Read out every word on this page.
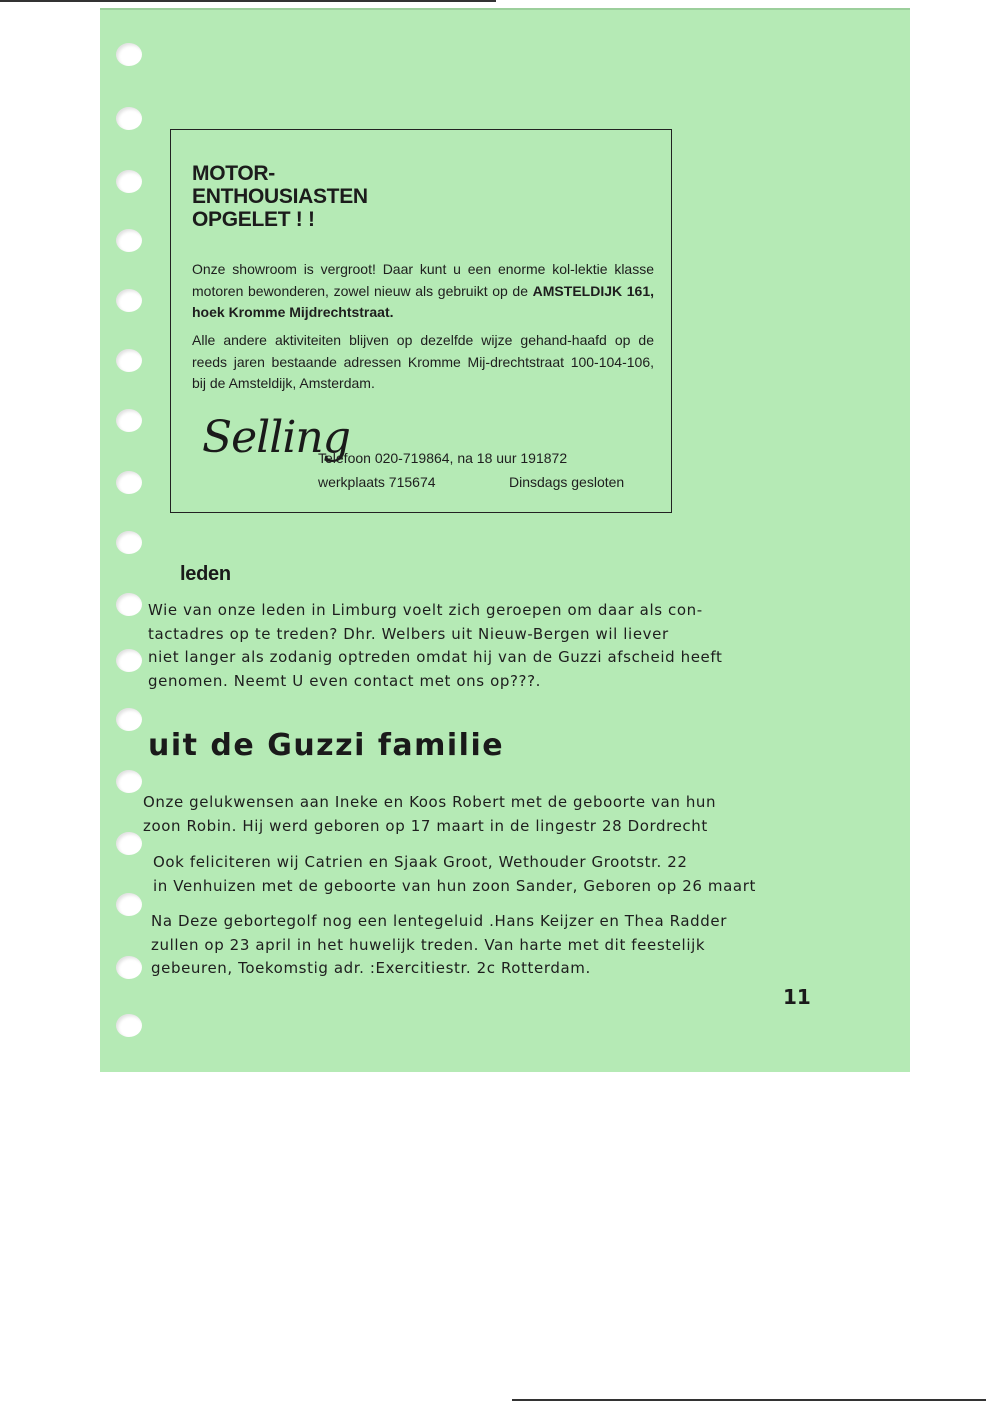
MOTOR-
ENTHOUSIASTEN
OPGELET ! !

Onze showroom is vergroot! Daar kunt u een enorme kol-lektie klasse motoren bewonderen, zowel nieuw als gebruikt op de AMSTELDIJK 161, hoek Kromme Mijdrechtstraat.

Alle andere aktiviteiten blijven op dezelfde wijze gehand-haafd op de reeds jaren bestaande adressen Kromme Mij-drechtstraat 100-104-106, bij de Amsteldijk, Amsterdam.

Selling
Telefoon 020-719864, na 18 uur 191872
werkplaats 715674	Dinsdags gesloten
leden

Wie van onze leden in Limburg voelt zich geroepen om daar als con-
tactadres op te treden? Dhr. Welbers uit Nieuw-Bergen wil liever
niet langer als zodanig optreden omdat hij van de Guzzi afscheid heeft
genomen. Neemt U even contact met ons op???.

uit de Guzzi familie

Onze gelukwensen aan Ineke en Koos Robert met de geboorte van hun
zoon Robin. Hij werd geboren op 17 maart in de lingestr 28 Dordrecht

Ook feliciteren wij Catrien en Sjaak Groot, Wethouder Grootstr. 22
in Venhuizen met de geboorte van hun zoon Sander, Geboren op 26 maart

Na Deze gebortegolf nog een lentegeluid .Hans Keijzer en Thea Radder
zullen op 23 april in het huwelijk treden. Van harte met dit feestelijk
gebeuren, Toekomstig adr. :Exercitiestr. 2c Rotterdam.

11
